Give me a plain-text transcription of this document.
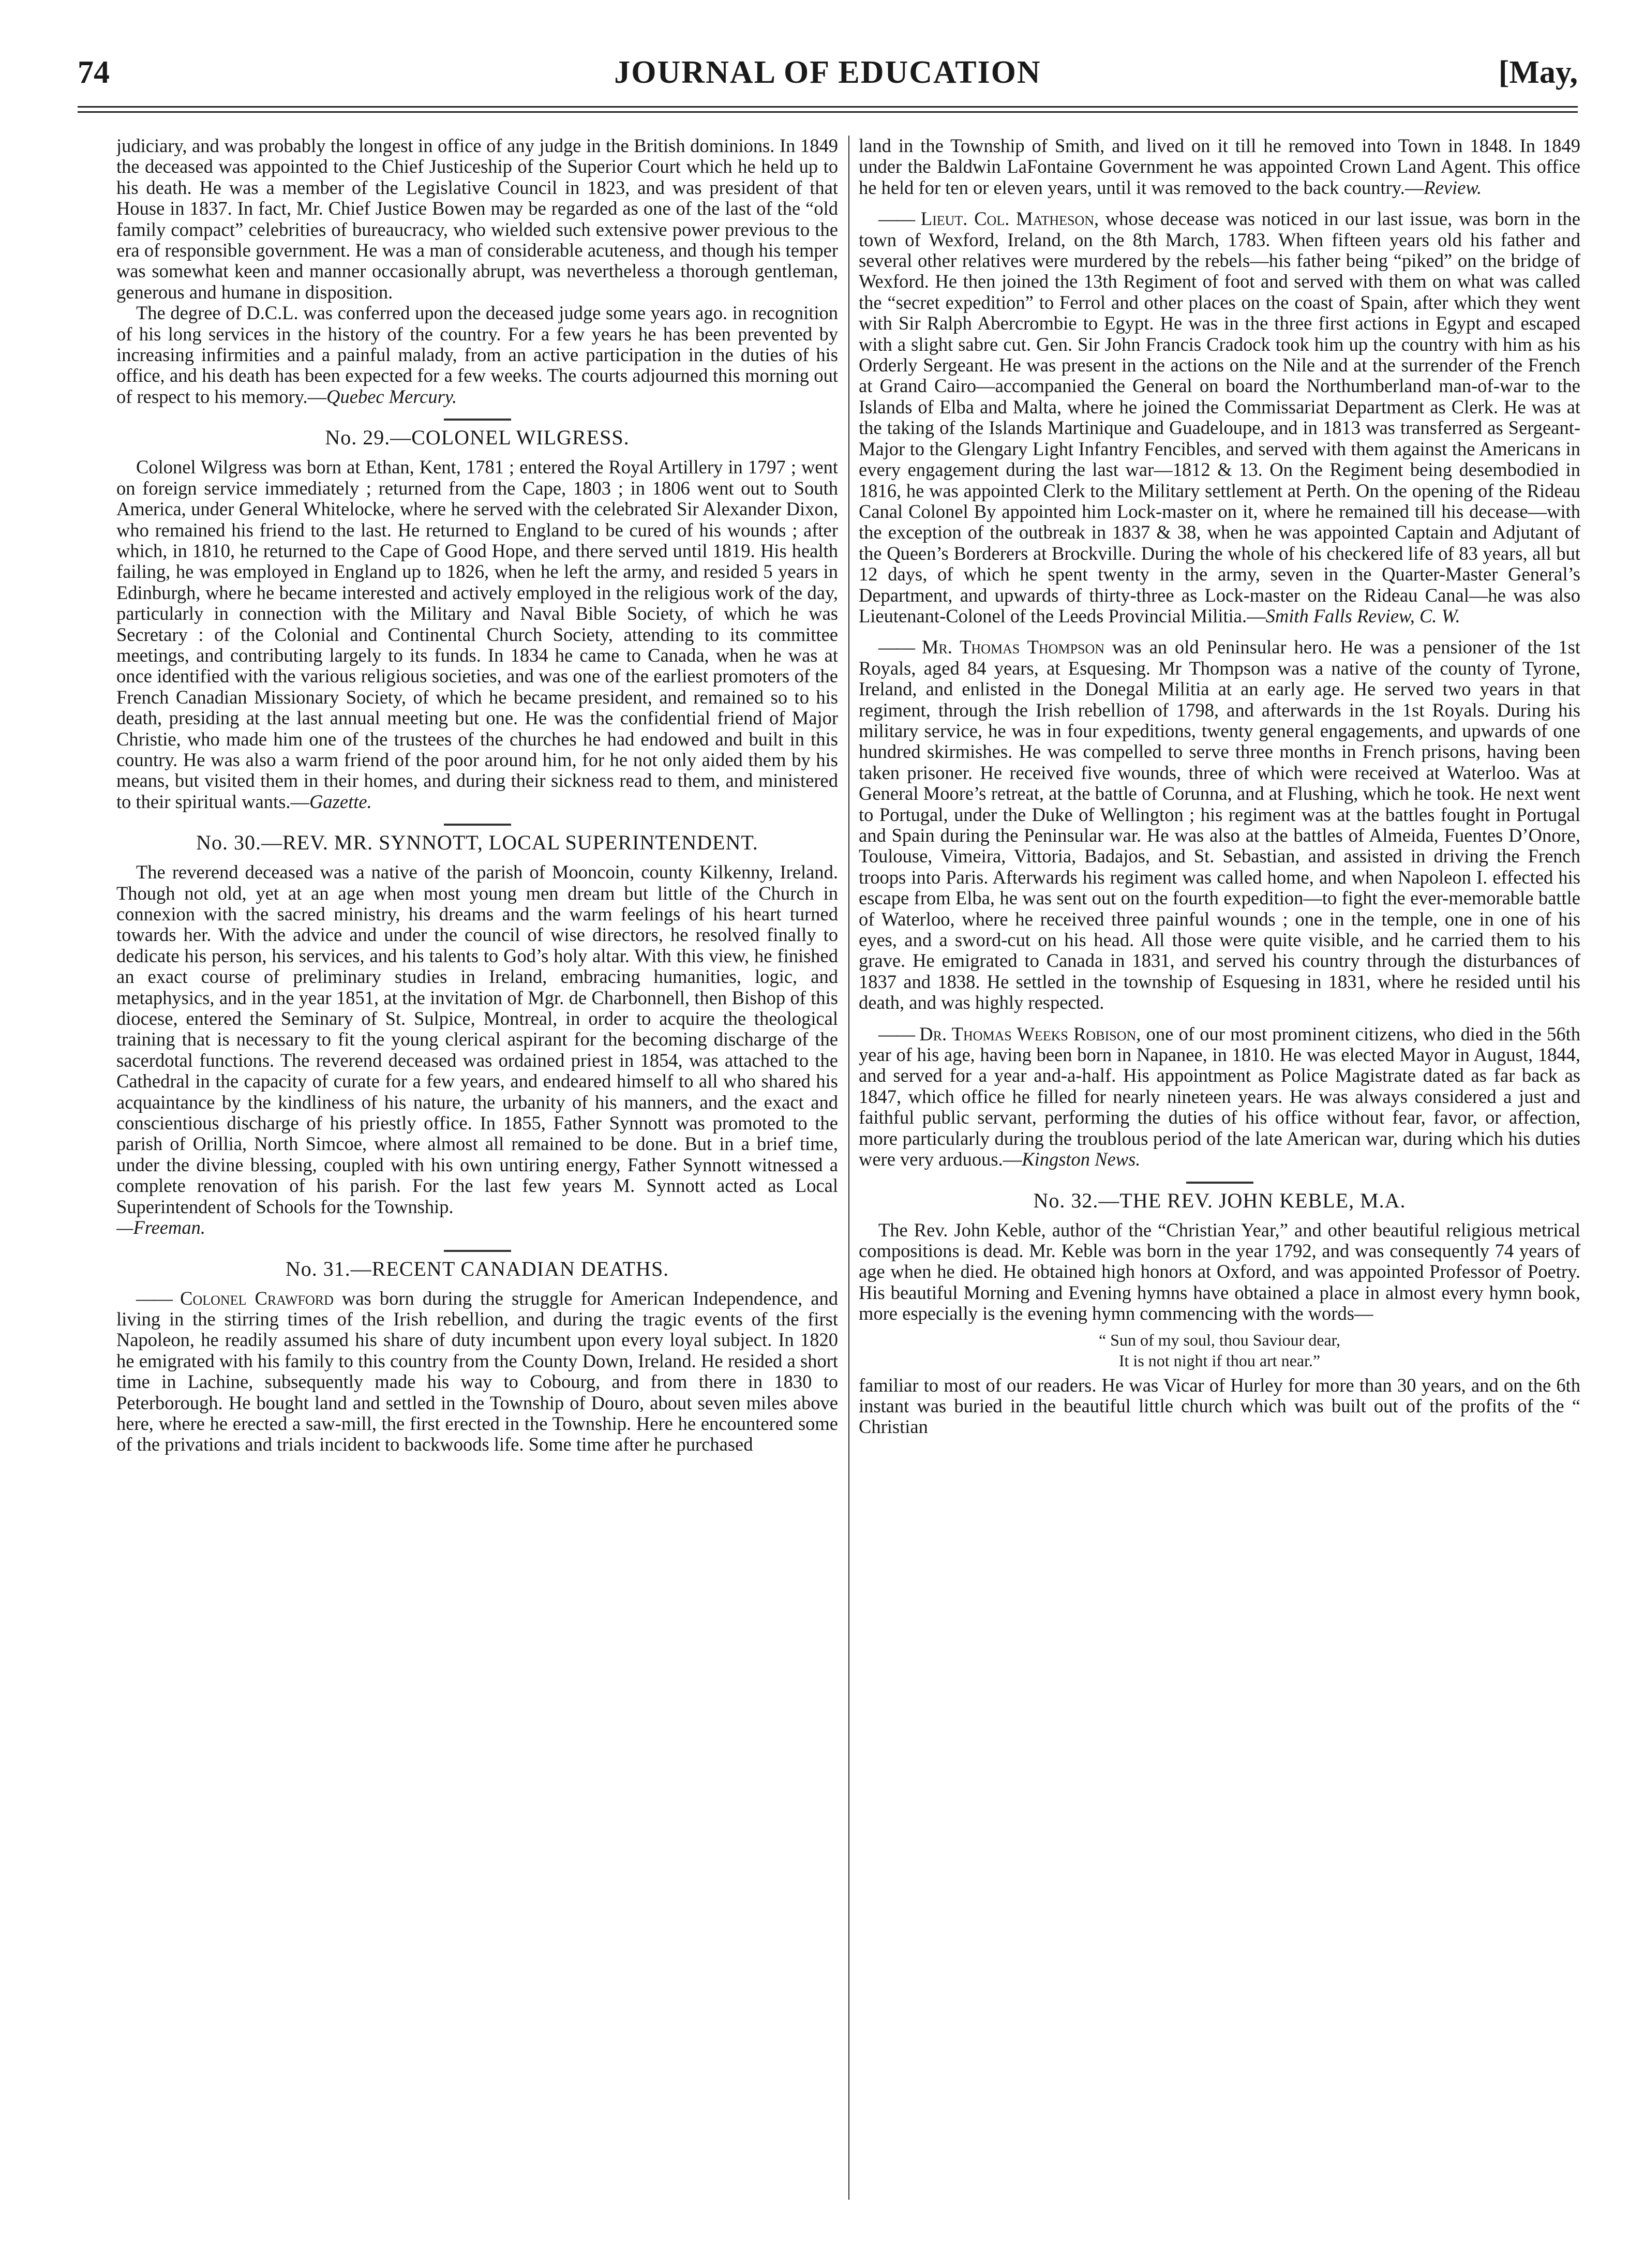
JOURNAL OF EDUCATION
74	[May,

judiciary, and was probably the longest in office of any judge in the British dominions. In 1849 the deceased was appointed to the Chief Justiceship of the Superior Court which he held up to his death. He was a member of the Legislative Council in 1823, and was president of that House in 1837. In fact, Mr. Chief Justice Bowen may be regarded as one of the last of the “old family compact” celebrities of bureaucracy, who wielded such extensive power previous to the era of responsible government. He was a man of considerable acuteness, and though his temper was somewhat keen and manner occasionally abrupt, was nevertheless a thorough gentleman, generous and humane in disposition.

The degree of D.C.L. was conferred upon the deceased judge some years ago. in recognition of his long services in the history of the country. For a few years he has been prevented by increasing infirmities and a painful malady, from an active participation in the duties of his office, and his death has been expected for a few weeks. The courts adjourned this morning out of respect to his memory.—Quebec Mercury.

No. 29.—COLONEL WILGRESS.

Colonel Wilgress was born at Ethan, Kent, 1781 ; entered the Royal Artillery in 1797 ; went on foreign service immediately ; returned from the Cape, 1803 ; in 1806 went out to South America, under General Whitelocke, where he served with the celebrated Sir Alexander Dixon, who remained his friend to the last. He returned to England to be cured of his wounds ; after which, in 1810, he returned to the Cape of Good Hope, and there served until 1819. His health failing, he was employed in England up to 1826, when he left the army, and resided 5 years in Edinburgh, where he became interested and actively employed in the religious work of the day, particularly in connection with the Military and Naval Bible Society, of which he was Secretary : of the Colonial and Continental Church Society, attending to its committee meetings, and contributing largely to its funds. In 1834 he came to Canada, when he was at once identified with the various religious societies, and was one of the earliest promoters of the French Canadian Missionary Society, of which he became president, and remained so to his death, presiding at the last annual meeting but one. He was the confidential friend of Major Christie, who made him one of the trustees of the churches he had endowed and built in this country. He was also a warm friend of the poor around him, for he not only aided them by his means, but visited them in their homes, and during their sickness read to them, and ministered to their spiritual wants.—Gazette.

No. 30.—REV. MR. SYNNOTT, LOCAL SUPERINTENDENT.

The reverend deceased was a native of the parish of Mooncoin, county Kilkenny, Ireland. Though not old, yet at an age when most young men dream but little of the Church in connexion with the sacred ministry, his dreams and the warm feelings of his heart turned towards her. With the advice and under the council of wise directors, he resolved finally to dedicate his person, his services, and his talents to God’s holy altar. With this view, he finished an exact course of preliminary studies in Ireland, embracing humanities, logic, and metaphysics, and in the year 1851, at the invitation of Mgr. de Charbonnell, then Bishop of this diocese, entered the Seminary of St. Sulpice, Montreal, in order to acquire the theological training that is necessary to fit the young clerical aspirant for the becoming discharge of the sacerdotal functions. The reverend deceased was ordained priest in 1854, was attached to the Cathedral in the capacity of curate for a few years, and endeared himself to all who shared his acquaintance by the kindliness of his nature, the urbanity of his manners, and the exact and conscientious discharge of his priestly office. In 1855, Father Synnott was promoted to the parish of Orillia, North Simcoe, where almost all remained to be done. But in a brief time, under the divine blessing, coupled with his own untiring energy, Father Synnott witnessed a complete renovation of his parish. For the last few years M. Synnott acted as Local Superintendent of Schools for the Township.

—Freeman.

No. 31.—RECENT CANADIAN DEATHS.

—— Colonel Crawford was born during the struggle for American Independence, and living in the stirring times of the Irish rebellion, and during the tragic events of the first Napoleon, he readily assumed his share of duty incumbent upon every loyal subject. In 1820 he emigrated with his family to this country from the County Down, Ireland. He resided a short time in Lachine, subsequently made his way to Cobourg, and from there in 1830 to Peterborough. He bought land and settled in the Township of Douro, about seven miles above here, where he erected a saw-mill, the first erected in the Township. Here he encountered some of the privations and trials incident to backwoods life. Some time after he purchased

land in the Township of Smith, and lived on it till he removed into Town in 1848. In 1849 under the Baldwin LaFontaine Government he was appointed Crown Land Agent. This office he held for ten or eleven years, until it was removed to the back country.—Review.

—— Lieut. Col. Matheson, whose decease was noticed in our last issue, was born in the town of Wexford, Ireland, on the 8th March, 1783. When fifteen years old his father and several other relatives were murdered by the rebels—his father being “piked” on the bridge of Wexford. He then joined the 13th Regiment of foot and served with them on what was called the “secret expedition” to Ferrol and other places on the coast of Spain, after which they went with Sir Ralph Abercrombie to Egypt. He was in the three first actions in Egypt and escaped with a slight sabre cut. Gen. Sir John Francis Cradock took him up the country with him as his Orderly Sergeant. He was present in the actions on the Nile and at the surrender of the French at Grand Cairo—accompanied the General on board the Northumberland man-of-war to the Islands of Elba and Malta, where he joined the Commissariat Department as Clerk. He was at the taking of the Islands Martinique and Guadeloupe, and in 1813 was transferred as Sergeant-Major to the Glengary Light Infantry Fencibles, and served with them against the Americans in every engagement during the last war—1812 & 13. On the Regiment being desembodied in 1816, he was appointed Clerk to the Military settlement at Perth. On the opening of the Rideau Canal Colonel By appointed him Lock-master on it, where he remained till his decease—with the exception of the outbreak in 1837 & 38, when he was appointed Captain and Adjutant of the Queen’s Borderers at Brockville. During the whole of his checkered life of 83 years, all but 12 days, of which he spent twenty in the army, seven in the Quarter-Master General’s Department, and upwards of thirty-three as Lock-master on the Rideau Canal—he was also Lieutenant-Colonel of the Leeds Provincial Militia.—Smith Falls Review, C. W.

—— Mr. Thomas Thompson was an old Peninsular hero. He was a pensioner of the 1st Royals, aged 84 years, at Esquesing. Mr Thompson was a native of the county of Tyrone, Ireland, and enlisted in the Donegal Militia at an early age. He served two years in that regiment, through the Irish rebellion of 1798, and afterwards in the 1st Royals. During his military service, he was in four expeditions, twenty general engagements, and upwards of one hundred skirmishes. He was compelled to serve three months in French prisons, having been taken prisoner. He received five wounds, three of which were received at Waterloo. Was at General Moore’s retreat, at the battle of Corunna, and at Flushing, which he took. He next went to Portugal, under the Duke of Wellington ; his regiment was at the battles fought in Portugal and Spain during the Peninsular war. He was also at the battles of Almeida, Fuentes D’Onore, Toulouse, Vimeira, Vittoria, Badajos, and St. Sebastian, and assisted in driving the French troops into Paris. Afterwards his regiment was called home, and when Napoleon I. effected his escape from Elba, he was sent out on the fourth expedition—to fight the ever-memorable battle of Waterloo, where he received three painful wounds ; one in the temple, one in one of his eyes, and a sword-cut on his head. All those were quite visible, and he carried them to his grave. He emigrated to Canada in 1831, and served his country through the disturbances of 1837 and 1838. He settled in the township of Esquesing in 1831, where he resided until his death, and was highly respected.

—— Dr. Thomas Weeks Robison, one of our most prominent citizens, who died in the 56th year of his age, having been born in Napanee, in 1810. He was elected Mayor in August, 1844, and served for a year and-a-half. His appointment as Police Magistrate dated as far back as 1847, which office he filled for nearly nineteen years. He was always considered a just and faithful public servant, performing the duties of his office without fear, favor, or affection, more particularly during the troublous period of the late American war, during which his duties were very arduous.—Kingston News.

No. 32.—THE REV. JOHN KEBLE, M.A.

The Rev. John Keble, author of the “Christian Year,” and other beautiful religious metrical compositions is dead. Mr. Keble was born in the year 1792, and was consequently 74 years of age when he died. He obtained high honors at Oxford, and was appointed Professor of Poetry. His beautiful Morning and Evening hymns have obtained a place in almost every hymn book, more especially is the evening hymn commencing with the words—

“ Sun of my soul, thou Saviour dear,
It is not night if thou art near.”

familiar to most of our readers. He was Vicar of Hurley for more than 30 years, and on the 6th instant was buried in the beautiful little church which was built out of the profits of the “ Christian
